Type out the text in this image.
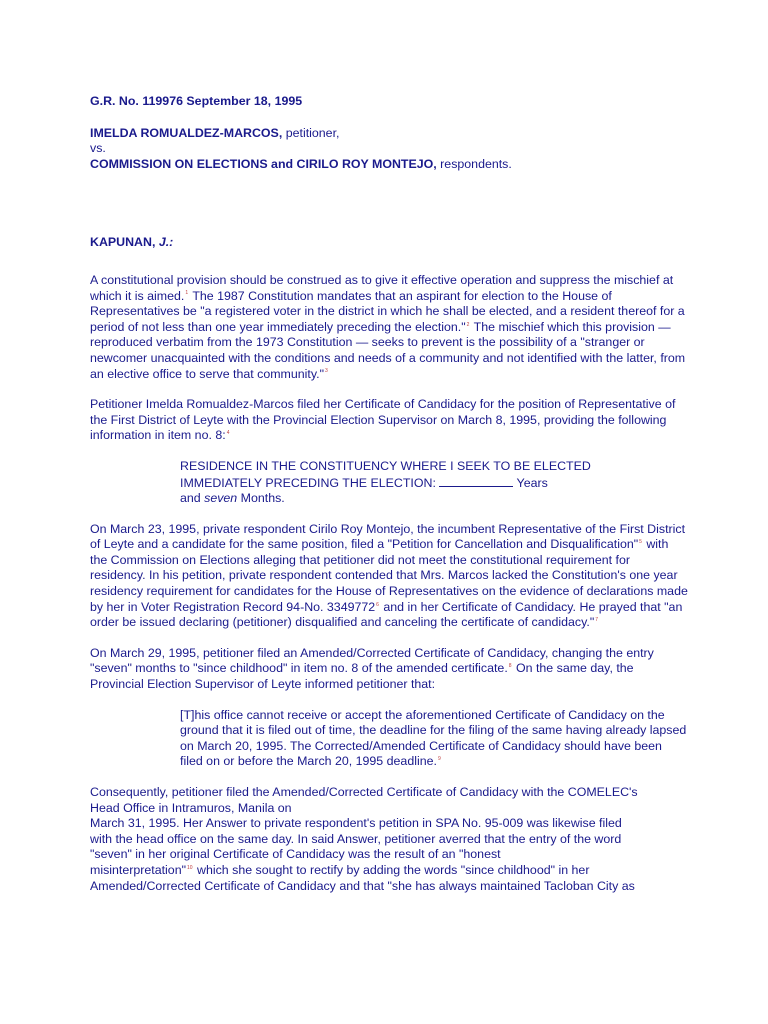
G.R. No. 119976 September 18, 1995
IMELDA ROMUALDEZ-MARCOS, petitioner,
vs.
COMMISSION ON ELECTIONS and CIRILO ROY MONTEJO, respondents.
KAPUNAN, J.:

A constitutional provision should be construed as to give it effective operation and suppress the mischief at which it is aimed.$^1$ The 1987 Constitution mandates that an aspirant for election to the House of Representatives be "a registered voter in the district in which he shall be elected, and a resident thereof for a period of not less than one year immediately preceding the election."$^2$ The mischief which this provision — reproduced verbatim from the 1973 Constitution — seeks to prevent is the possibility of a "stranger or newcomer unacquainted with the conditions and needs of a community and not identified with the latter, from an elective office to serve that community."$^3$

Petitioner Imelda Romualdez-Marcos filed her Certificate of Candidacy for the position of Representative of the First District of Leyte with the Provincial Election Supervisor on March 8, 1995, providing the following information in item no. 8:$^4$

RESIDENCE IN THE CONSTITUENCY WHERE I SEEK TO BE ELECTED
IMMEDIATELY PRECEDING THE ELECTION:	Years
and seven Months.

On March 23, 1995, private respondent Cirilo Roy Montejo, the incumbent Representative of the First District of Leyte and a candidate for the same position, filed a "Petition for Cancellation and Disqualification"$^5$ with the Commission on Elections alleging that petitioner did not meet the constitutional requirement for residency. In his petition, private respondent contended that Mrs. Marcos lacked the Constitution's one year residency requirement for candidates for the House of Representatives on the evidence of declarations made by her in Voter Registration Record 94-No. 3349772$^6$ and in her Certificate of Candidacy. He prayed that "an order be issued declaring (petitioner) disqualified and canceling the certificate of candidacy."$^7$

On March 29, 1995, petitioner filed an Amended/Corrected Certificate of Candidacy, changing the entry "seven" months to "since childhood" in item no. 8 of the amended certificate.$^8$ On the same day, the Provincial Election Supervisor of Leyte informed petitioner that:

[T]his office cannot receive or accept the aforementioned Certificate of Candidacy on the ground that it is filed out of time, the deadline for the filing of the same having already lapsed on March 20, 1995. The Corrected/Amended Certificate of Candidacy should have been filed on or before the March 20, 1995 deadline.$^9$

Consequently, petitioner filed the Amended/Corrected Certificate of Candidacy with the COMELEC's
Head Office in Intramuros, Manila on
March 31, 1995. Her Answer to private respondent's petition in SPA No. 95-009 was likewise filed
with the head office on the same day. In said Answer, petitioner averred that the entry of the word
"seven" in her original Certificate of Candidacy was the result of an "honest
misinterpretation"$^{10}$ which she sought to rectify by adding the words "since childhood" in her
Amended/Corrected Certificate of Candidacy and that "she has always maintained Tacloban City as
